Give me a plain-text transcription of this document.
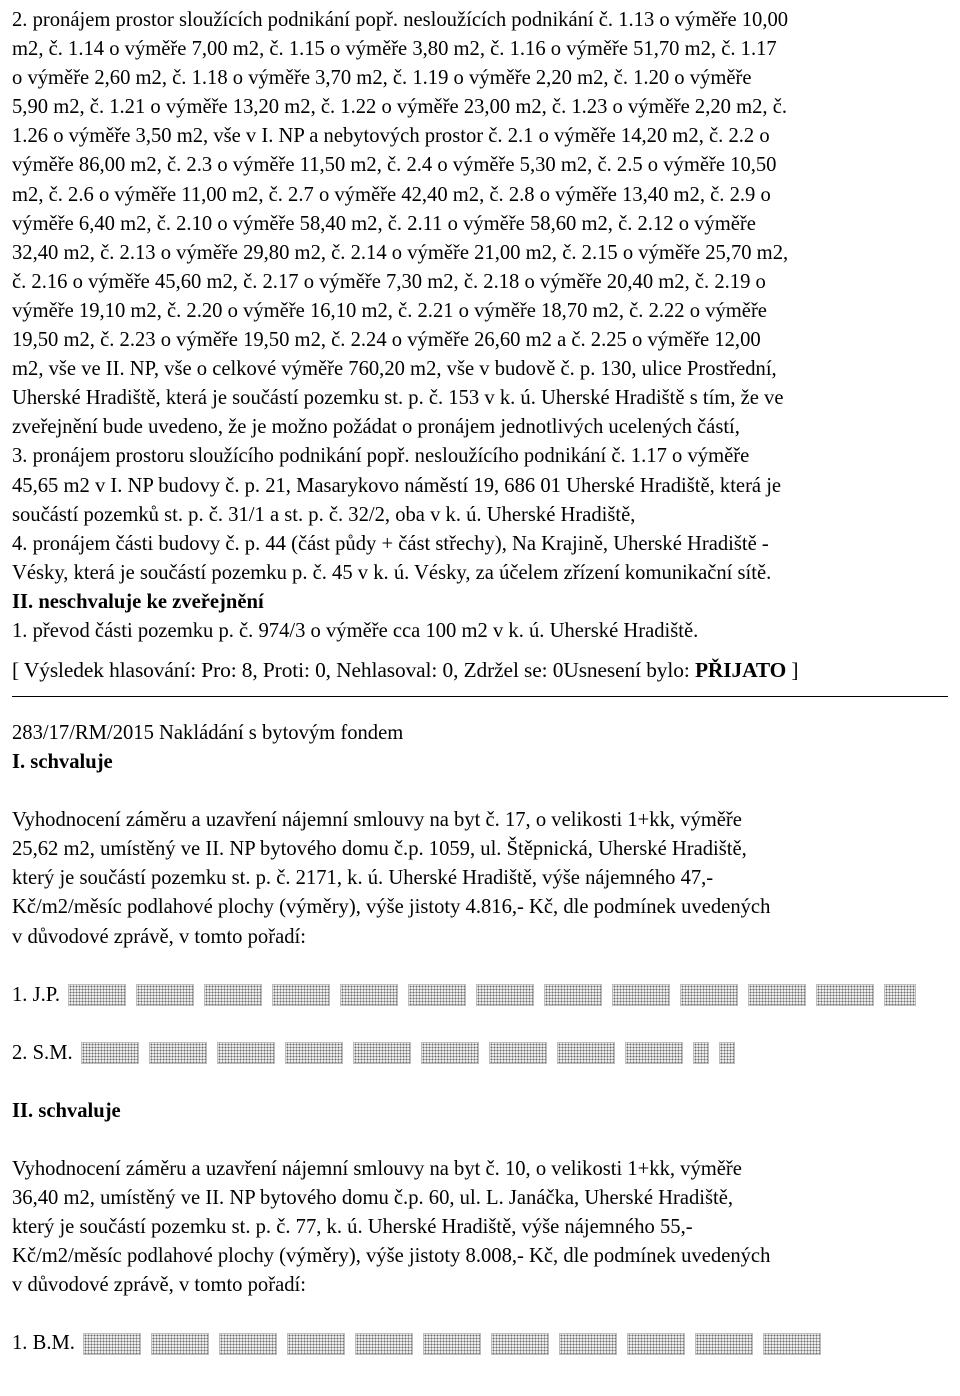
2. pronájem prostor sloužících podnikání popř. nesloužících podnikání č. 1.13 o výměře 10,00
m2, č. 1.14 o výměře 7,00 m2, č. 1.15 o výměře 3,80 m2, č. 1.16 o výměře 51,70 m2, č. 1.17
o výměře 2,60 m2, č. 1.18 o výměře 3,70 m2, č. 1.19 o výměře 2,20 m2, č. 1.20 o výměře
5,90 m2, č. 1.21 o výměře 13,20 m2, č. 1.22 o výměře 23,00 m2, č. 1.23 o výměře 2,20 m2, č.
1.26 o výměře 3,50 m2, vše v I. NP a nebytových prostor č. 2.1 o výměře 14,20 m2, č. 2.2 o
výměře 86,00 m2, č. 2.3 o výměře 11,50 m2, č. 2.4 o výměře 5,30 m2, č. 2.5 o výměře 10,50
m2, č. 2.6 o výměře 11,00 m2, č. 2.7 o výměře 42,40 m2, č. 2.8 o výměře 13,40 m2, č. 2.9 o
výměře 6,40 m2, č. 2.10 o výměře 58,40 m2, č. 2.11 o výměře 58,60 m2, č. 2.12 o výměře
32,40 m2, č. 2.13 o výměře 29,80 m2, č. 2.14 o výměře 21,00 m2, č. 2.15 o výměře 25,70 m2,
č. 2.16 o výměře 45,60 m2, č. 2.17 o výměře 7,30 m2, č. 2.18 o výměře 20,40 m2, č. 2.19 o
výměře 19,10 m2, č. 2.20 o výměře 16,10 m2, č. 2.21 o výměře 18,70 m2, č. 2.22 o výměře
19,50 m2, č. 2.23 o výměře 19,50 m2, č. 2.24 o výměře 26,60 m2 a č. 2.25 o výměře 12,00
m2, vše ve II. NP, vše o celkové výměře 760,20 m2, vše v budově č. p. 130, ulice Prostřední,
Uherské Hradiště, která je součástí pozemku st. p. č. 153 v k. ú. Uherské Hradiště s tím, že ve
zveřejnění bude uvedeno, že je možno požádat o pronájem jednotlivých ucelených částí,
3. pronájem prostoru sloužícího podnikání popř. nesloužícího podnikání č. 1.17 o výměře
45,65 m2 v I. NP budovy č. p. 21, Masarykovo náměstí 19, 686 01 Uherské Hradiště, která je
součástí pozemků st. p. č. 31/1 a st. p. č. 32/2, oba v k. ú. Uherské Hradiště,
4. pronájem části budovy č. p. 44 (část půdy + část střechy), Na Krajině, Uherské Hradiště -
Vésky, která je součástí pozemku p. č. 45 v k. ú. Vésky, za účelem zřízení komunikační sítě.

II. neschvaluje ke zveřejnění

1. převod části pozemku p. č. 974/3 o výměře cca 100 m2 v k. ú. Uherské Hradiště.

[ Výsledek hlasování: Pro: 8, Proti: 0, Nehlasoval: 0, Zdržel se: 0Usnesení bylo: PŘIJATO ]

283/17/RM/2015 Nakládání s bytovým fondem

I. schvaluje

Vyhodnocení záměru a uzavření nájemní smlouvy na byt č. 17, o velikosti 1+kk, výměře
25,62 m2, umístěný ve II. NP bytového domu č.p. 1059, ul. Štěpnická, Uherské Hradiště,
který je součástí pozemku st. p. č. 2171, k. ú. Uherské Hradiště, výše nájemného 47,-
Kč/m2/měsíc podlahové plochy (výměry), výše jistoty 4.816,- Kč, dle podmínek uvedených
v důvodové zprávě, v tomto pořadí:

1. J.P.
2. S.M.

II. schvaluje

Vyhodnocení záměru a uzavření nájemní smlouvy na byt č. 10, o velikosti 1+kk, výměře
36,40 m2, umístěný ve II. NP bytového domu č.p. 60, ul. L. Janáčka, Uherské Hradiště,
který je součástí pozemku st. p. č. 77, k. ú. Uherské Hradiště, výše nájemného 55,-
Kč/m2/měsíc podlahové plochy (výměry), výše jistoty 8.008,- Kč, dle podmínek uvedených
v důvodové zprávě, v tomto pořadí:

1. B.M.
